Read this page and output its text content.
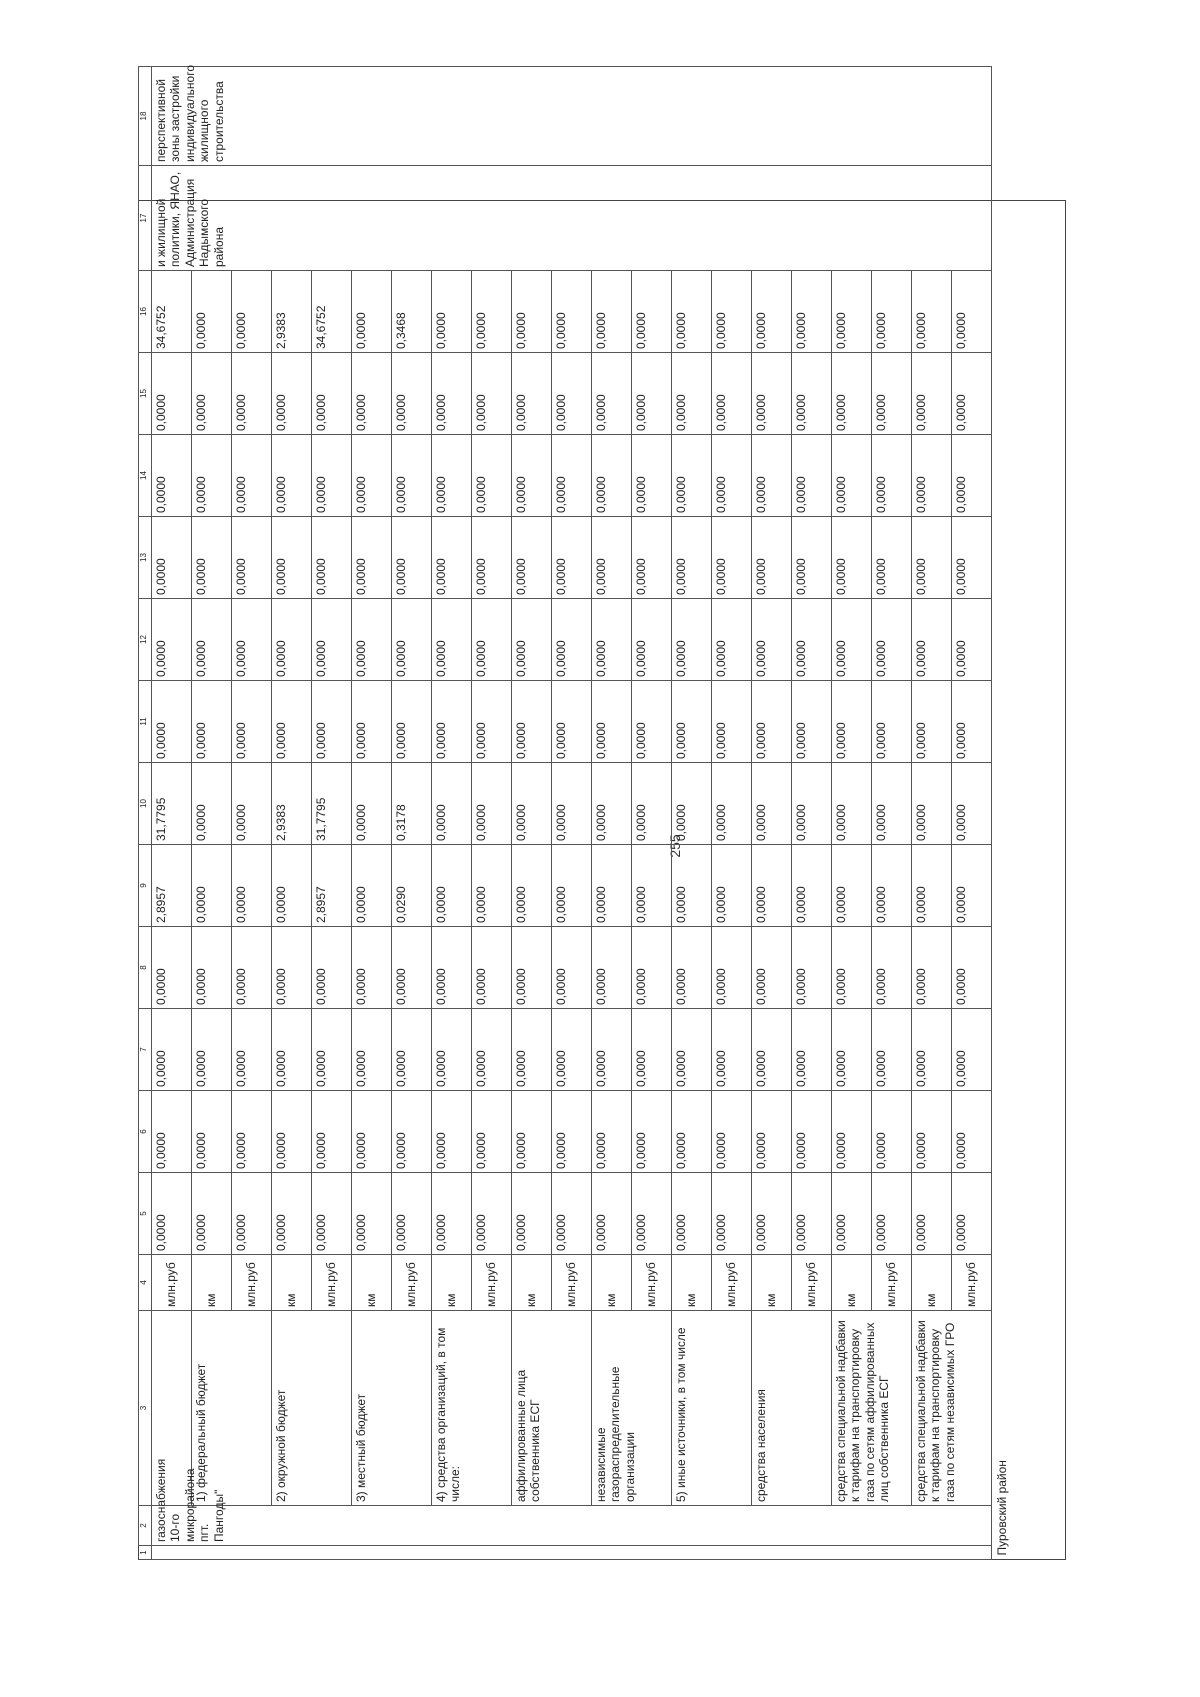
255
1	2	3	4	5	6	7	8	9	10	11	12	13	14	15	16	17	18
	газоснабжения 10-го микрорайона пгт. Пангоды"		млн.руб	0,0000	0,0000	0,0000	0,0000	2,8957	31,7795	0,0000	0,0000	0,0000	0,0000	0,0000	34,6752	и жилищной политики, ЯНАО, Администрация Надымского района	перспективной зоны застройки индивидуального жилищного строительства
		1) федеральный бюджет	км	0,0000	0,0000	0,0000	0,0000	0,0000	0,0000	0,0000	0,0000	0,0000	0,0000	0,0000	0,0000		
			млн.руб	0,0000	0,0000	0,0000	0,0000	0,0000	0,0000	0,0000	0,0000	0,0000	0,0000	0,0000	0,0000		
		2) окружной бюджет	км	0,0000	0,0000	0,0000	0,0000	0,0000	2,9383	0,0000	0,0000	0,0000	0,0000	0,0000	2,9383		
			млн.руб	0,0000	0,0000	0,0000	0,0000	2,8957	31,7795	0,0000	0,0000	0,0000	0,0000	0,0000	34,6752		
		3) местный бюджет	км	0,0000	0,0000	0,0000	0,0000	0,0000	0,0000	0,0000	0,0000	0,0000	0,0000	0,0000	0,0000		
			млн.руб	0,0000	0,0000	0,0000	0,0000	0,0290	0,3178	0,0000	0,0000	0,0000	0,0000	0,0000	0,3468		
		4) средства организаций, в том числе:	км	0,0000	0,0000	0,0000	0,0000	0,0000	0,0000	0,0000	0,0000	0,0000	0,0000	0,0000	0,0000		
			млн.руб	0,0000	0,0000	0,0000	0,0000	0,0000	0,0000	0,0000	0,0000	0,0000	0,0000	0,0000	0,0000		
		аффилированные лица собственника ЕСГ	км	0,0000	0,0000	0,0000	0,0000	0,0000	0,0000	0,0000	0,0000	0,0000	0,0000	0,0000	0,0000		
			млн.руб	0,0000	0,0000	0,0000	0,0000	0,0000	0,0000	0,0000	0,0000	0,0000	0,0000	0,0000	0,0000		
		независимые газораспределительные организации	км	0,0000	0,0000	0,0000	0,0000	0,0000	0,0000	0,0000	0,0000	0,0000	0,0000	0,0000	0,0000		
			млн.руб	0,0000	0,0000	0,0000	0,0000	0,0000	0,0000	0,0000	0,0000	0,0000	0,0000	0,0000	0,0000		
		5) иные источники, в том числе	км	0,0000	0,0000	0,0000	0,0000	0,0000	0,0000	0,0000	0,0000	0,0000	0,0000	0,0000	0,0000		
			млн.руб	0,0000	0,0000	0,0000	0,0000	0,0000	0,0000	0,0000	0,0000	0,0000	0,0000	0,0000	0,0000		
		средства населения	км	0,0000	0,0000	0,0000	0,0000	0,0000	0,0000	0,0000	0,0000	0,0000	0,0000	0,0000	0,0000		
			млн.руб	0,0000	0,0000	0,0000	0,0000	0,0000	0,0000	0,0000	0,0000	0,0000	0,0000	0,0000	0,0000		
		средства специальной надбавки к тарифам на транспортировку газа по сетям аффилированных лиц собственника ЕСГ	км	0,0000	0,0000	0,0000	0,0000	0,0000	0,0000	0,0000	0,0000	0,0000	0,0000	0,0000	0,0000		
			млн.руб	0,0000	0,0000	0,0000	0,0000	0,0000	0,0000	0,0000	0,0000	0,0000	0,0000	0,0000	0,0000		
		средства специальной надбавки к тарифам на транспортировку газа по сетям независимых ГРО	км	0,0000	0,0000	0,0000	0,0000	0,0000	0,0000	0,0000	0,0000	0,0000	0,0000	0,0000	0,0000		
			млн.руб	0,0000	0,0000	0,0000	0,0000	0,0000	0,0000	0,0000	0,0000	0,0000	0,0000	0,0000	0,0000		
Пуровский район																	
